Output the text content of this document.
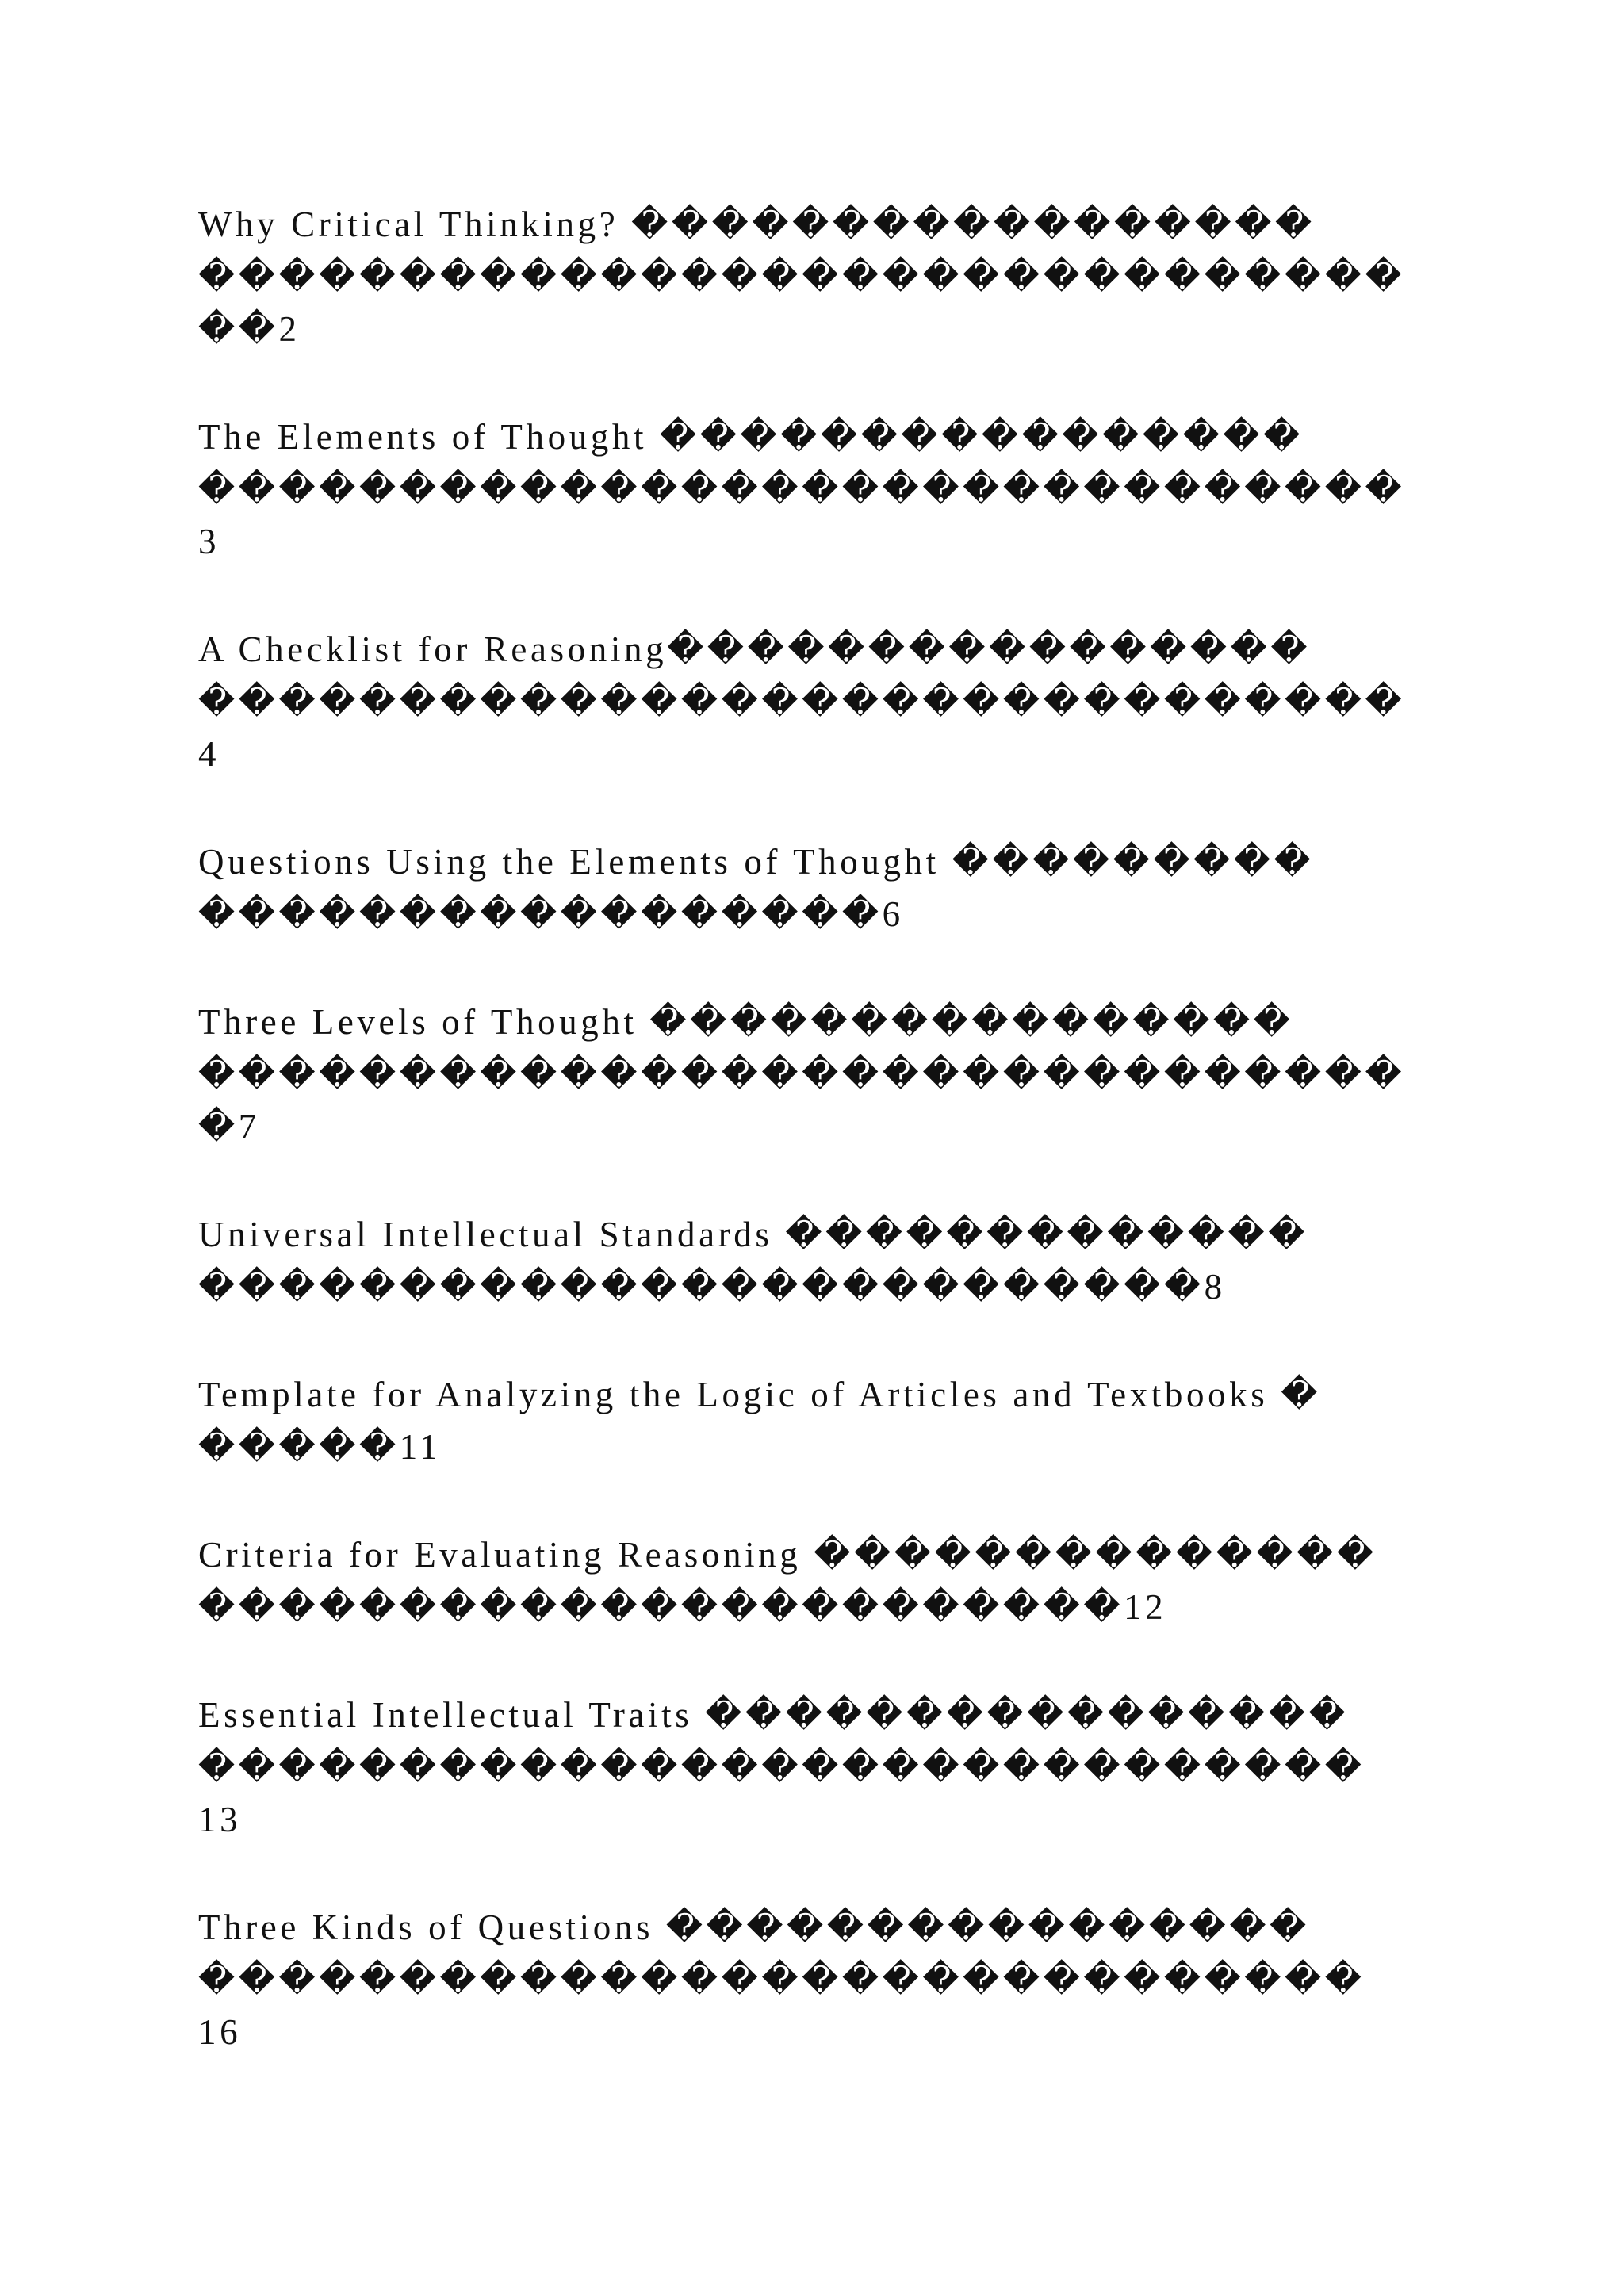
Why Critical Thinking? �����������������
������������������������������
��2
The Elements of Thought ����������������
������������������������������
3
A Checklist for Reasoning����������������
������������������������������
4
Questions Using the Elements of Thought ���������
�����������������6
Three Levels of Thought ����������������
������������������������������
�7
Universal Intellectual Standards �������������
�������������������������8
Template for Analyzing the Logic of Articles and Textbooks �
�����11
Criteria for Evaluating Reasoning ��������������
�����������������������12
Essential Intellectual Traits ����������������
�����������������������������
13
Three Kinds of Questions ����������������
�����������������������������
16
